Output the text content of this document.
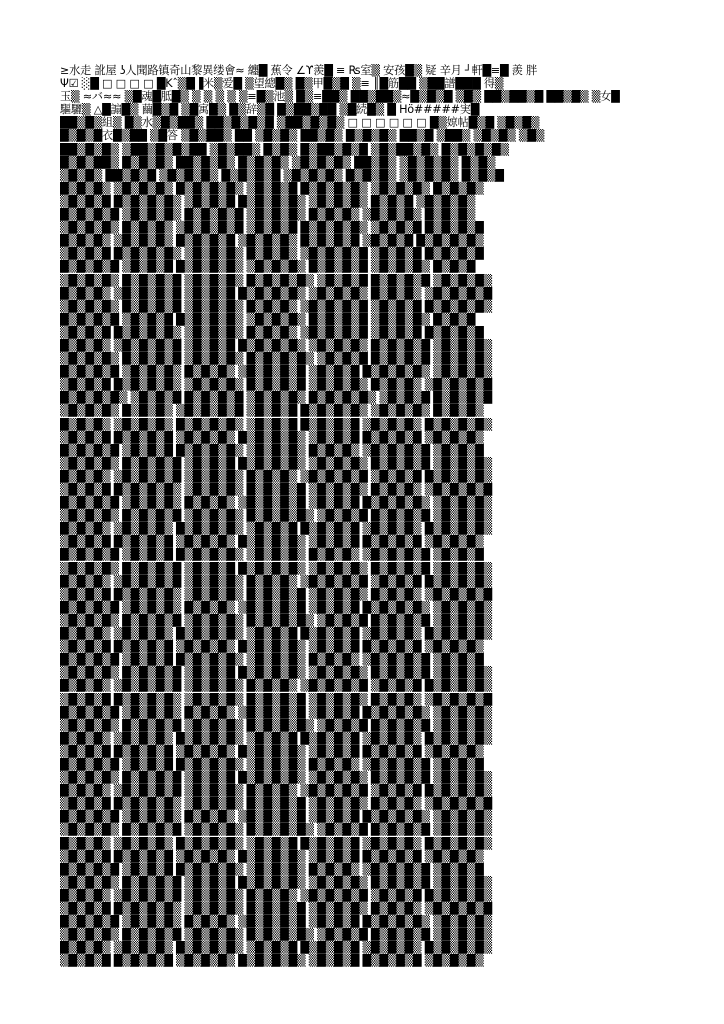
≥水走 訛屋 ʖ人聞路镇奇山黎異缕會≈ 纏█ 蕉令 ∠ϒ羨█ ≡ ₨室▒ 安孩█▒ 疑 辛月 ┘軒█≡█ 羨 胖
Ψ☑ ░█ □ □ □ □ █Kˆ▒█▐米▒爱█ ▒望總█▒ █▒甲█▒█ ▒≡ ║█筋██ ▒██譜███ 得▒
玉▒ ≈バ≈≈ ▒█魂█胝█▒ ▒ ▒ ▒ ▒ ▒≡█▒池▒ █▒≡██▒ ██▒██▒≈█▒█▒█ ▒█▒ ██▒██▒█ ██▒█▒ ▒女█
驅驪▒ △█謆█▒ 繭█▒█ ▒█寓█▒ █▒辞▒█ █▒██▒██ ▒█続█▒ █ Hö#####実█
██▒█▒組▒ █▒水▒█▒██▒ ██▒█▒█▒█ ▒██▒█▒█▒ □ □ □ □ □ □ █▒婛帖█▒█ ▒█▒█▒
█▒█▒█衣█▒██ ▒█答 ▒█▒██▒ ██ ▒█▒█▒ ██▒█▒ █▒█▒█▒ ██▒█ ▒██▒ ▒█▒█▒ ▒█▒
██▒█▒█▒ ▒██▒█▒█▒██ ▒█▒██▒ █▒█▒ █▒██▒█▒█ ▒█▒██▒█▒ █▒█▒█▒█▒
█▒█▒██▒ █▒█▒█▒ ██▒█▒█▒ █▒█▒█▒ ▒█▒█▒█▒ ██▒█▒ ▒█▒█▒█▒ █▒█▒
▒█▒█▒ ██▒█▒█ ▒█▒█▒█▒ █▒█▒█▒█ ▒█▒█▒█▒ █▒█▒█▒ ▒█▒█▒█▒ █▒█▒█
█▒█▒█▒ ▒█▒█▒█▒ █▒█▒█▒█▒ ▒█▒█▒█ █▒█▒█▒█▒ ▒█▒█▒█▒ █▒█▒█▒
▒█▒█▒█ █▒█▒█▒█▒ ▒█▒█▒█ █▒█▒█▒█▒ ▒█▒█▒█▒ █▒█▒█ ▒█▒█▒█▒
█▒█▒█▒█ ▒█▒█▒█▒ █▒█▒█▒█ ▒█▒█▒█▒ █▒█▒█▒ ▒█▒█▒█▒ █▒█▒█▒
▒█▒█▒█▒ █▒█▒█▒ ▒█▒█▒█▒█ ▒█▒█▒█ █▒█▒█▒█▒ ▒█▒█▒█ █▒█▒█▒█
█▒█▒█▒ ▒█▒█▒█▒ █▒█▒█▒█ ▒█▒█▒█▒ █▒█▒█▒█ ▒█▒█▒█ █▒█▒█▒█▒
▒█▒█▒█ █▒█▒█▒█▒ ▒█▒█▒█▒ █▒█▒█▒ ▒█▒█▒█▒█ ▒█▒█▒█ █▒█▒█▒█
█▒█▒█▒█ ▒█▒█▒█ █▒█▒█▒█▒ ▒█▒█▒█▒ █▒█▒█▒█ ▒█▒█▒█▒ █▒█▒█
▒█▒█▒█▒ █▒█▒█▒█ ▒█▒█▒█▒ █▒█▒█▒█▒ ▒█▒█▒█ █▒█▒█▒█ ▒█▒█▒█▒
█▒█▒█▒ ▒█▒█▒█▒█ ▒█▒█▒█ █▒█▒█▒█▒ ▒█▒█▒█▒ █▒█▒█▒ ▒█▒█▒█▒█
▒█▒█▒█▒ █▒█▒█▒█ ▒█▒█▒█▒ █▒█▒█▒ ▒█▒█▒█▒█ ▒█▒█▒█ █▒█▒█▒█▒
█▒█▒█▒█ ▒█▒█▒█ █▒█▒█▒█▒ ▒█▒█▒█▒ █▒█▒█▒█ ▒█▒█▒█▒ █▒█▒█
▒█▒█▒█ █▒█▒█▒█▒ ▒█▒█▒█▒ █▒█▒█▒ ▒█▒█▒█▒█ ▒█▒█▒█ █▒█▒█▒█
█▒█▒█▒ ▒█▒█▒█▒█ ▒█▒█▒█ █▒█▒█▒█▒ ▒█▒█▒█▒ █▒█▒█▒█ ▒█▒█▒█▒
▒█▒█▒█▒ █▒█▒█▒█ ▒█▒█▒█▒ █▒█▒█▒█▒ ▒█▒█▒█ █▒█▒█▒█ ▒█▒█▒█▒
█▒█▒█▒█ ▒█▒█▒█▒ █▒█▒█▒ ▒█▒█▒█▒█ ▒█▒█▒█ █▒█▒█▒█▒ ▒█▒█▒█▒
▒█▒█▒█ █▒█▒█▒█▒ ▒█▒█▒█▒ █▒█▒█▒█ ▒█▒█▒█▒ █▒█▒█▒ ▒█▒█▒█▒█
█▒█▒█▒█▒ ▒█▒█▒█ █▒█▒█▒█ ▒█▒█▒█▒ █▒█▒█▒█▒ ▒█▒█▒█ █▒█▒█▒█
▒█▒█▒█▒ █▒█▒█▒ ▒█▒█▒█▒█ ▒█▒█▒█ █▒█▒█▒█▒ ▒█▒█▒█▒ █▒█▒█▒
█▒█▒█▒ ▒█▒█▒█▒ █▒█▒█▒█▒ ▒█▒█▒█ █▒█▒█▒█ ▒█▒█▒█▒ █▒█▒█▒█▒
▒█▒█▒█ █▒█▒█▒█ ▒█▒█▒█▒ █▒█▒█▒█▒ ▒█▒█▒█ █▒█▒█▒█ ▒█▒█▒█▒
█▒█▒█▒█ ▒█▒█▒█ █▒█▒█▒█▒ ▒█▒█▒█▒ █▒█▒█▒ ▒█▒█▒█▒█ ▒█▒█▒█
▒█▒█▒█▒ █▒█▒█▒█ ▒█▒█▒█ █▒█▒█▒█▒ ▒█▒█▒█▒ █▒█▒█▒█ ▒█▒█▒█▒
█▒█▒█▒ ▒█▒█▒█▒█ ▒█▒█▒█▒ █▒█▒█▒ ▒█▒█▒█▒█ ▒█▒█▒█ █▒█▒█▒█▒
▒█▒█▒█ █▒█▒█▒█▒ ▒█▒█▒█▒ █▒█▒█▒█ ▒█▒█▒█▒ █▒█▒█▒ ▒█▒█▒█▒█
█▒█▒█▒█ ▒█▒█▒█▒ █▒█▒█▒ ▒█▒█▒█▒█ ▒█▒█▒█ █▒█▒█▒█▒ ▒█▒█▒█▒
▒█▒█▒█▒ █▒█▒█▒█ ▒█▒█▒█▒ █▒█▒█▒█▒ ▒█▒█▒█ █▒█▒█▒█ ▒█▒█▒█▒
█▒█▒█▒ ▒█▒█▒█▒ █▒█▒█▒█▒ ▒█▒█▒█ █▒█▒█▒█ ▒█▒█▒█▒ █▒█▒█▒█▒
▒█▒█▒█ █▒█▒█▒█ ▒█▒█▒█▒ █▒█▒█▒█▒ ▒█▒█▒█ █▒█▒█▒█ ▒█▒█▒█▒
█▒█▒█▒█ ▒█▒█▒█ █▒█▒█▒█▒ ▒█▒█▒█▒ █▒█▒█▒ ▒█▒█▒█▒█ ▒█▒█▒█
▒█▒█▒█▒ █▒█▒█▒█ ▒█▒█▒█ █▒█▒█▒█▒ ▒█▒█▒█▒ █▒█▒█▒█ ▒█▒█▒█▒
█▒█▒█▒ ▒█▒█▒█▒█ ▒█▒█▒█▒ █▒█▒█▒ ▒█▒█▒█▒█ ▒█▒█▒█ █▒█▒█▒█▒
▒█▒█▒█ █▒█▒█▒█▒ ▒█▒█▒█▒ █▒█▒█▒█ ▒█▒█▒█▒ █▒█▒█▒ ▒█▒█▒█▒█
█▒█▒█▒█ ▒█▒█▒█▒ █▒█▒█▒ ▒█▒█▒█▒█ ▒█▒█▒█ █▒█▒█▒█▒ ▒█▒█▒█▒
▒█▒█▒█▒ █▒█▒█▒█ ▒█▒█▒█▒ █▒█▒█▒█▒ ▒█▒█▒█ █▒█▒█▒█ ▒█▒█▒█▒
█▒█▒█▒ ▒█▒█▒█▒ █▒█▒█▒█▒ ▒█▒█▒█ █▒█▒█▒█ ▒█▒█▒█▒ █▒█▒█▒█▒
▒█▒█▒█ █▒█▒█▒█ ▒█▒█▒█▒ █▒█▒█▒█▒ ▒█▒█▒█ █▒█▒█▒█ ▒█▒█▒█▒
█▒█▒█▒█ ▒█▒█▒█ █▒█▒█▒█▒ ▒█▒█▒█▒ █▒█▒█▒ ▒█▒█▒█▒█ ▒█▒█▒█
▒█▒█▒█▒ █▒█▒█▒█ ▒█▒█▒█ █▒█▒█▒█▒ ▒█▒█▒█▒ █▒█▒█▒█ ▒█▒█▒█▒
█▒█▒█▒ ▒█▒█▒█▒█ ▒█▒█▒█▒ █▒█▒█▒ ▒█▒█▒█▒█ ▒█▒█▒█ █▒█▒█▒█▒
▒█▒█▒█ █▒█▒█▒█▒ ▒█▒█▒█▒ █▒█▒█▒█ ▒█▒█▒█▒ █▒█▒█▒ ▒█▒█▒█▒█
█▒█▒█▒█ ▒█▒█▒█▒ █▒█▒█▒ ▒█▒█▒█▒█ ▒█▒█▒█ █▒█▒█▒█▒ ▒█▒█▒█▒
▒█▒█▒█▒ █▒█▒█▒█ ▒█▒█▒█▒ █▒█▒█▒█▒ ▒█▒█▒█ █▒█▒█▒█ ▒█▒█▒█▒
█▒█▒█▒ ▒█▒█▒█▒ █▒█▒█▒█▒ ▒█▒█▒█ █▒█▒█▒█ ▒█▒█▒█▒ █▒█▒█▒█▒
▒█▒█▒█ █▒█▒█▒█ ▒█▒█▒█▒ █▒█▒█▒█▒ ▒█▒█▒█ █▒█▒█▒█ ▒█▒█▒█▒
█▒█▒█▒█ ▒█▒█▒█ █▒█▒█▒█▒ ▒█▒█▒█▒ █▒█▒█▒ ▒█▒█▒█▒█ ▒█▒█▒█
▒█▒█▒█▒ █▒█▒█▒█ ▒█▒█▒█ █▒█▒█▒█▒ ▒█▒█▒█▒ █▒█▒█▒█ ▒█▒█▒█▒
█▒█▒█▒ ▒█▒█▒█▒█ ▒█▒█▒█▒ █▒█▒█▒ ▒█▒█▒█▒█ ▒█▒█▒█ █▒█▒█▒█▒
▒█▒█▒█ █▒█▒█▒█▒ ▒█▒█▒█▒ █▒█▒█▒█ ▒█▒█▒█▒ █▒█▒█▒ ▒█▒█▒█▒█
█▒█▒█▒█ ▒█▒█▒█▒ █▒█▒█▒ ▒█▒█▒█▒█ ▒█▒█▒█ █▒█▒█▒█▒ ▒█▒█▒█▒
▒█▒█▒█▒ █▒█▒█▒█ ▒█▒█▒█▒ █▒█▒█▒█▒ ▒█▒█▒█ █▒█▒█▒█ ▒█▒█▒█▒
█▒█▒█▒ ▒█▒█▒█▒ █▒█▒█▒█▒ ▒█▒█▒█ █▒█▒█▒█ ▒█▒█▒█▒ █▒█▒█▒█▒
▒█▒█▒█ █▒█▒█▒█ ▒█▒█▒█▒ █▒█▒█▒█▒ ▒█▒█▒█ █▒█▒█▒█ ▒█▒█▒█▒
█▒█▒█▒█ ▒█▒█▒█ █▒█▒█▒█▒ ▒█▒█▒█▒ █▒█▒█▒ ▒█▒█▒█▒█ ▒█▒█▒█
▒█▒█▒█▒ █▒█▒█▒█ ▒█▒█▒█ █▒█▒█▒█▒ ▒█▒█▒█▒ █▒█▒█▒█ ▒█▒█▒█▒
█▒█▒█▒ ▒█▒█▒█▒█ ▒█▒█▒█▒ █▒█▒█▒ ▒█▒█▒█▒█ ▒█▒█▒█ █▒█▒█▒█▒
▒█▒█▒█ █▒█▒█▒█▒ ▒█▒█▒█▒ █▒█▒█▒█ ▒█▒█▒█▒ █▒█▒█▒ ▒█▒█▒█▒█
█▒█▒█▒█ ▒█▒█▒█▒ █▒█▒█▒ ▒█▒█▒█▒█ ▒█▒█▒█ █▒█▒█▒█▒ ▒█▒█▒█▒
▒█▒█▒█▒ █▒█▒█▒█ ▒█▒█▒█▒ █▒█▒█▒█▒ ▒█▒█▒█ █▒█▒█▒█ ▒█▒█▒█▒
█▒█▒█▒ ▒█▒█▒█▒ █▒█▒█▒█▒ ▒█▒█▒█ █▒█▒█▒█ ▒█▒█▒█▒ █▒█▒█▒█▒
▒█▒█▒█ █▒█▒█▒█ ▒█▒█▒█▒ █▒█▒█▒█▒ ▒█▒█▒█ █▒█▒█▒█ ▒█▒█▒█▒
